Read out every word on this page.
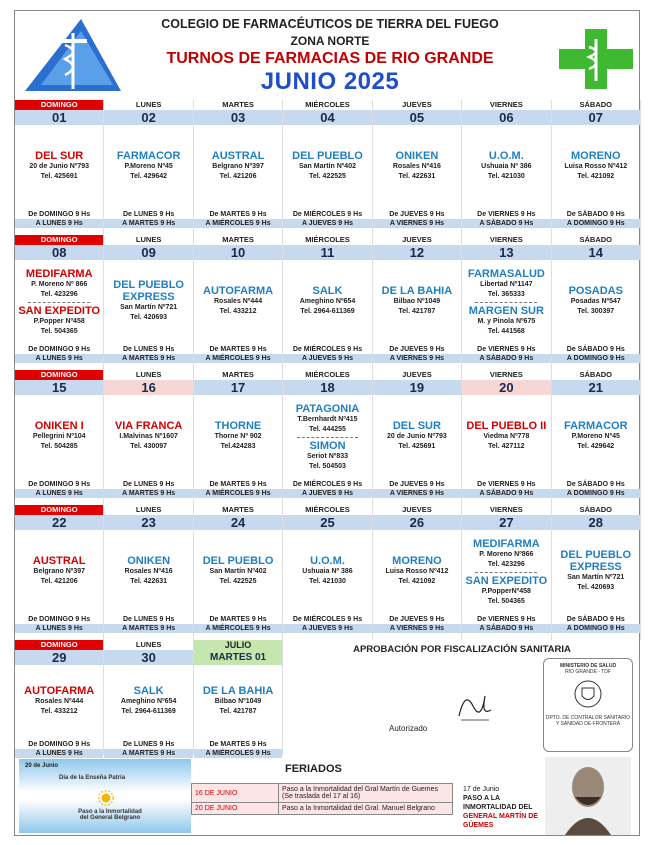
COLEGIO DE FARMACÉUTICOS DE TIERRA DEL FUEGO
ZONA NORTE
TURNOS DE FARMACIAS DE RIO GRANDE
JUNIO 2025
DOMINGO
01
DEL SUR
20 de Junio Nº793
Tel. 425691
De DOMINGO 9 Hs
A LUNES 9 Hs
LUNES
02
FARMACOR
P.Moreno Nº45
Tel. 429642
De LUNES 9 Hs
A MARTES 9 Hs
MARTES
03
AUSTRAL
Belgrano Nº397
Tel. 421206
De MARTES 9 Hs
A MIÉRCOLES 9 Hs
MIÉRCOLES
04
DEL PUEBLO
San Martín Nº402
Tel. 422525
De MIÉRCOLES 9 Hs
A JUEVES 9 Hs
JUEVES
05
ONIKEN
Rosales Nº416
Tel. 422631
De JUEVES 9 Hs
A VIERNES 9 Hs
VIERNES
06
U.O.M.
Ushuaia Nº 386
Tel. 421030
De VIERNES 9 Hs
A SÁBADO 9 Hs
SÁBADO
07
MORENO
Luisa Rosso Nº412
Tel. 421092
De SÁBADO 9 Hs
A DOMINGO 9 Hs
DOMINGO
08
MEDIFARMA
P. Moreno Nº 866
Tel. 423296
SAN EXPEDITO
P.Popper Nº458
Tel. 504365
De DOMINGO 9 Hs
A LUNES 9 Hs
LUNES
09
DEL PUEBLO EXPRESS
San Martín Nº721
Tel. 420693
De LUNES 9 Hs
A MARTES 9 Hs
MARTES
10
AUTOFARMA
Rosales Nº444
Tel. 433212
De MARTES 9 Hs
A MIÉRCOLES 9 Hs
MIÉRCOLES
11
SALK
Ameghino Nº654
Tel. 2964-611369
De MIÉRCOLES 9 Hs
A JUEVES 9 Hs
JUEVES
12
DE LA BAHIA
Bilbao Nº1049
Tel. 421787
De JUEVES 9 Hs
A VIERNES 9 Hs
VIERNES
13
FARMASALUD
Libertad Nº1147
Tel. 365333
MARGEN SUR
M. y Pinola Nº675
Tel. 441568
De VIERNES 9 Hs
A SÁBADO 9 Hs
SÁBADO
14
POSADAS
Posadas Nº547
Tel. 300397
De SÁBADO 9 Hs
A DOMINGO 9 Hs
DOMINGO
15
ONIKEN I
Pellegrini Nº104
Tel. 504285
De DOMINGO 9 Hs
A LUNES 9 Hs
LUNES
16
VIA FRANCA
I.Malvinas Nº1607
Tel. 430097
De LUNES 9 Hs
A MARTES 9 Hs
MARTES
17
THORNE
Thorne Nº 902
Tel.424283
De MARTES 9 Hs
A MIÉRCOLES 9 Hs
MIÉRCOLES
18
PATAGONIA
T.Bernhardt Nº415
Tel. 444255
SIMON
Seriot Nº833
Tel. 504503
De MIÉRCOLES 9 Hs
A JUEVES 9 Hs
JUEVES
19
DEL SUR
20 de Junio Nº793
Tel. 425691
De JUEVES 9 Hs
A VIERNES 9 Hs
VIERNES
20
DEL PUEBLO II
Viedma Nº778
Tel. 427112
De VIERNES 9 Hs
A SÁBADO 9 Hs
SÁBADO
21
FARMACOR
P.Moreno Nº45
Tel. 429642
De SÁBADO 9 Hs
A DOMINGO 9 Hs
DOMINGO
22
AUSTRAL
Belgrano Nº397
Tel. 421206
De DOMINGO 9 Hs
A LUNES 9 Hs
LUNES
23
ONIKEN
Rosales Nº416
Tel. 422631
De LUNES 9 Hs
A MARTES 9 Hs
MARTES
24
DEL PUEBLO
San Martín Nº402
Tel. 422525
De MARTES 9 Hs
A MIÉRCOLES 9 Hs
MIÉRCOLES
25
U.O.M.
Ushuaia Nº 386
Tel. 421030
De MIÉRCOLES 9 Hs
A JUEVES 9 Hs
JUEVES
26
MORENO
Luisa Rosso Nº412
Tel. 421092
De JUEVES 9 Hs
A VIERNES 9 Hs
VIERNES
27
MEDIFARMA
P. Moreno Nº866
Tel. 423296
SAN EXPEDITO
P.PopperNº458
Tel. 504365
De VIERNES 9 Hs
A SÁBADO 9 Hs
SÁBADO
28
DEL PUEBLO EXPRESS
San Martín Nº721
Tel. 420693
De SÁBADO 9 Hs
A DOMINGO 9 Hs
DOMINGO
29
AUTOFARMA
Rosales Nº444
Tel. 433212
De DOMINGO 9 Hs
A LUNES 9 Hs
LUNES
30
SALK
Ameghino Nº654
Tel. 2964-611369
De LUNES 9 Hs
A MARTES 9 Hs
JULIO
MARTES 01
DE LA BAHIA
Bilbao Nº1049
Tel. 421787
De MARTES 9 Hs
A MIÉRCOLES 9 Hs
APROBACIÓN POR FISCALIZACIÓN SANITARIA
Autorizado
MINISTERIO DE SALUD
RIO GRANDE - TDF
DPTO. DE CONTRALOR SANITARIO
Y SANIDAD DE FRONTERA
20 de Junio
Día de la Enseña Patria
Paso a la Inmortalidad del General Belgrano
FERIADOS
16 DE JUNIO	Paso a la Inmortalidad del Gral Martín de Guemes (Se traslada del 17 al 16)
20 DE JUNIO	Paso a la Inmortalidad del Gral. Manuel Belgrano
17 de Junio
PASO A LA INMORTALIDAD DEL
GENERAL MARTÍN DE GÜEMES
